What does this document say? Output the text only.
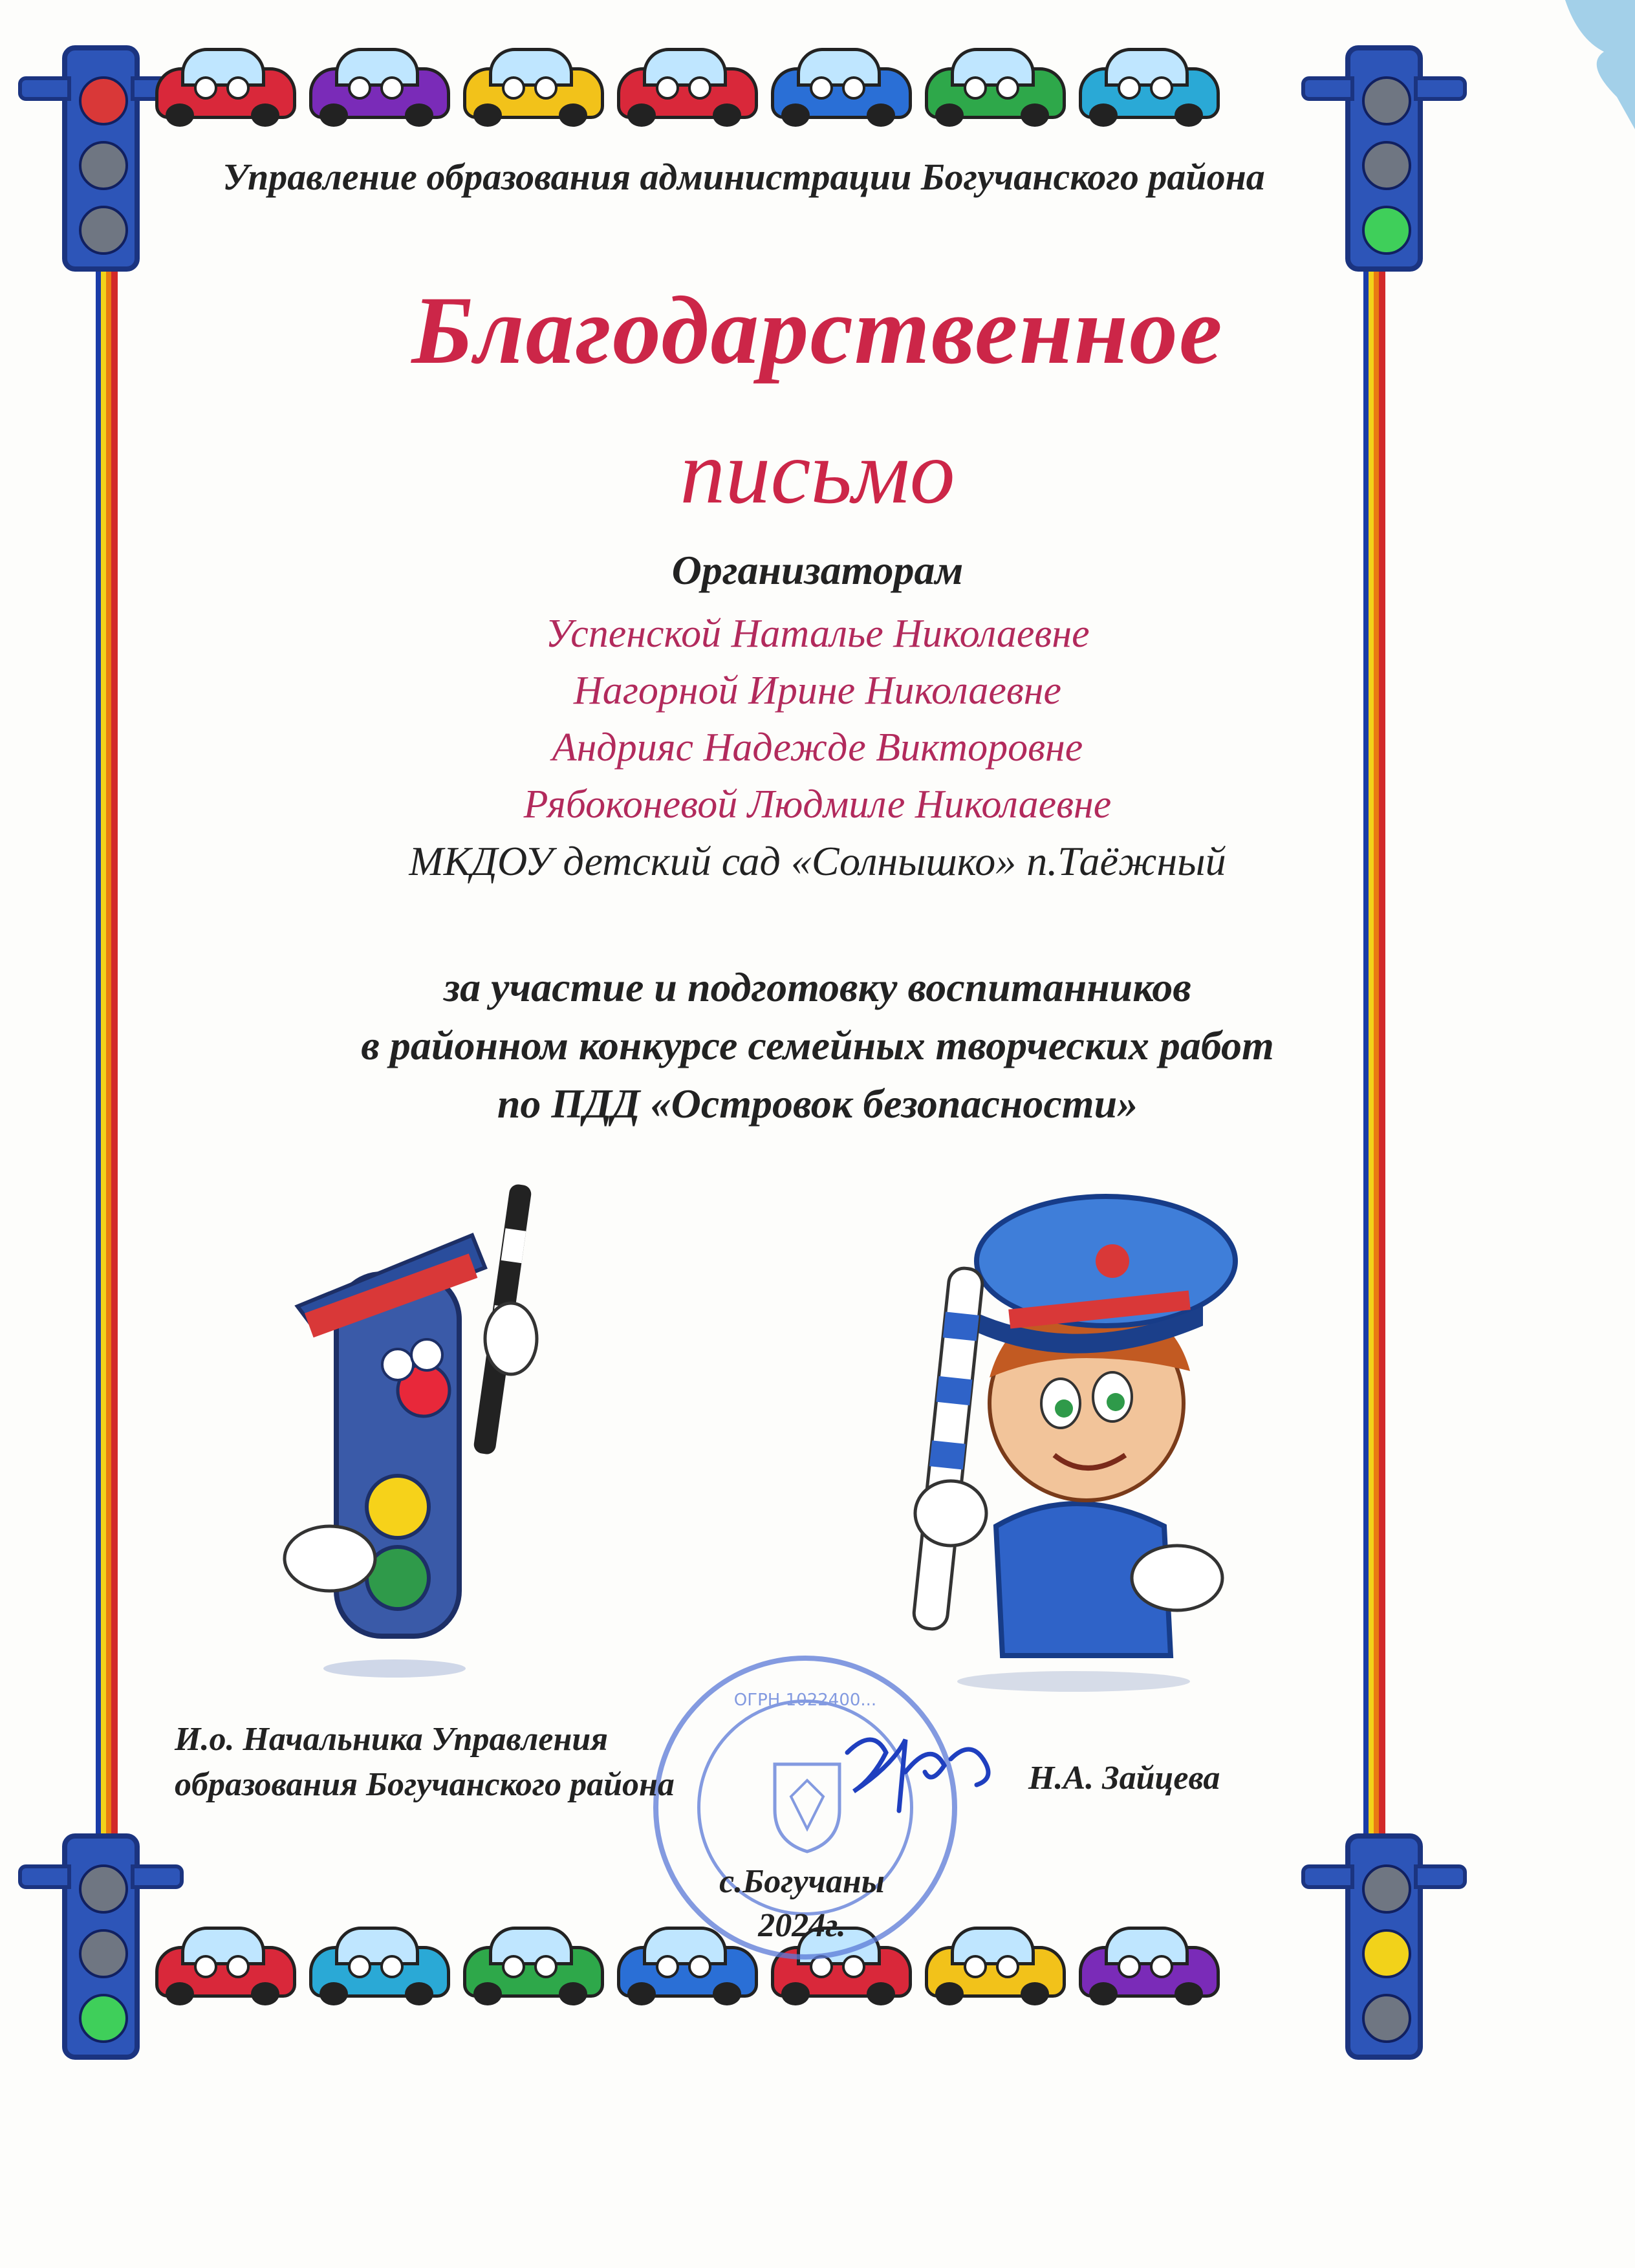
Управление образования администрации Богучанского района
Благодарственное
письмо
Организаторам
Успенской Наталье Николаевне
Нагорной Ирине Николаевне
Андрияс Надежде Викторовне
Рябоконевой Людмиле Николаевне
МКДОУ детский сад «Солнышко» п.Таёжный
за участие и подготовку воспитанников
в районном конкурсе семейных творческих работ
по ПДД «Островок безопасности»
ОГРН 1022400...
И.о. Начальника Управления
образования Богучанского района	Н.А. Зайцева
с.Богучаны
2024г.
